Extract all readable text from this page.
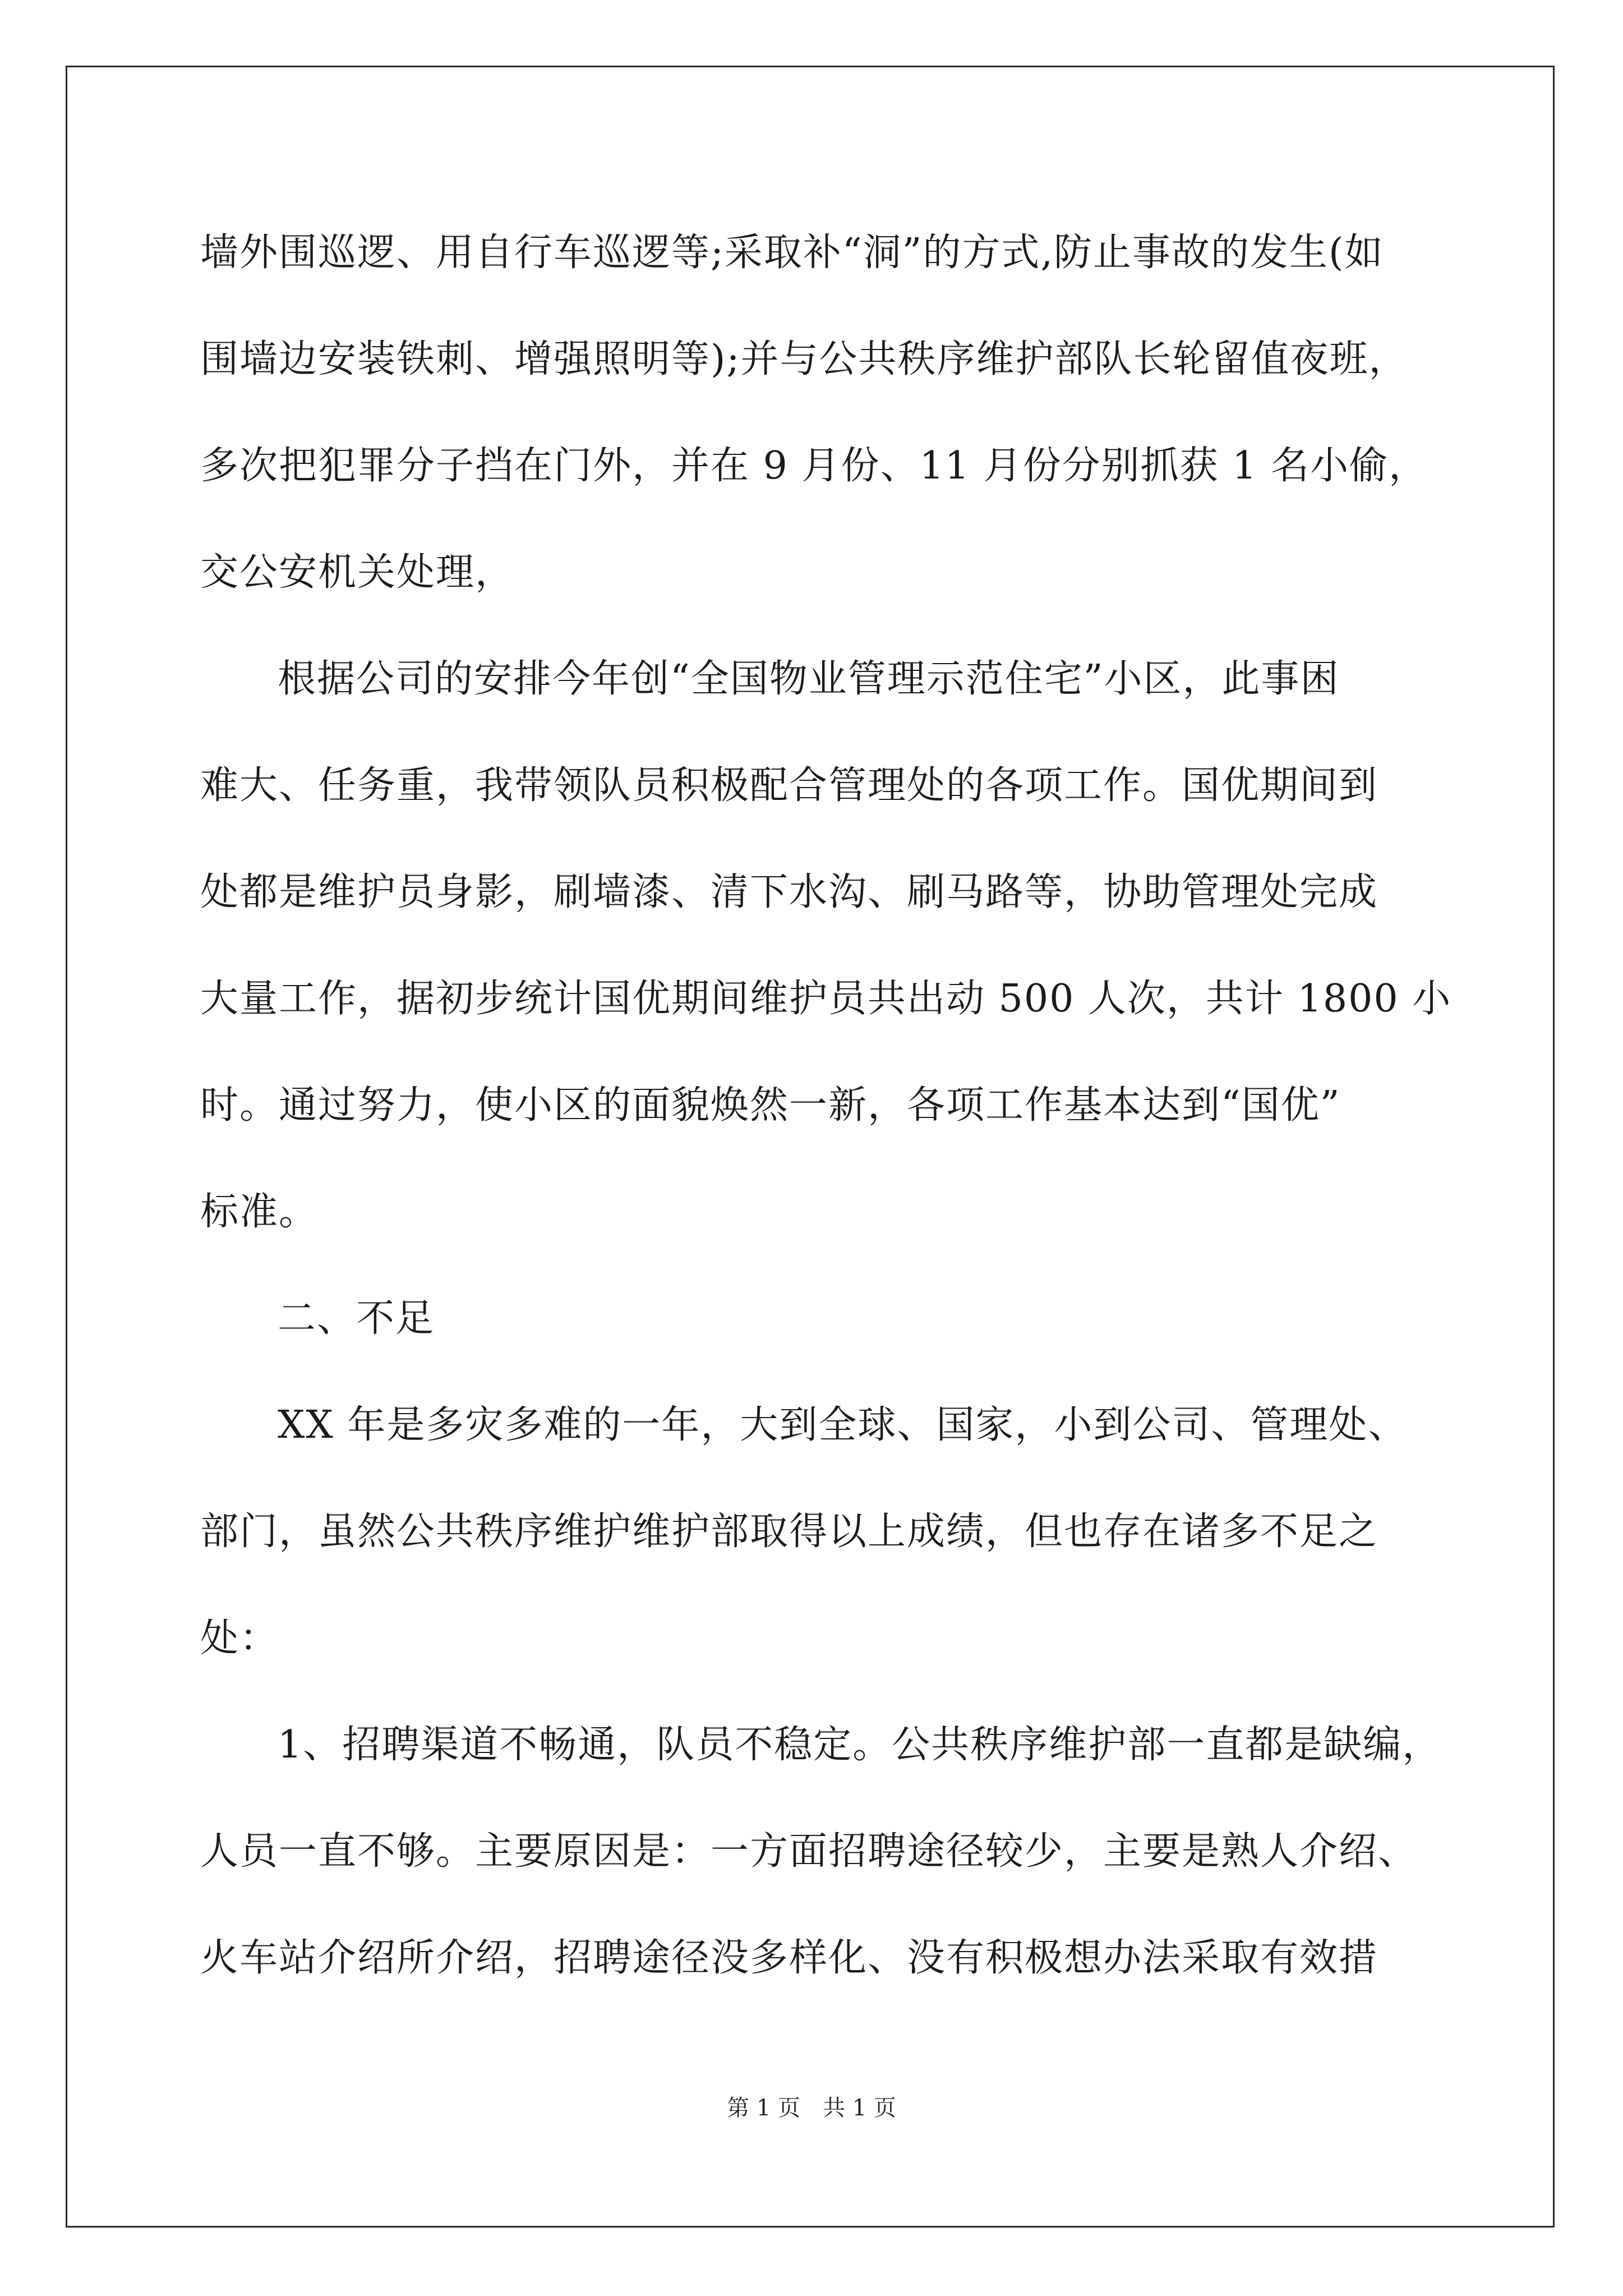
墙外围巡逻、用自行车巡逻等;采取补“洞”的方式,防止事故的发生(如
围墙边安装铁刺、增强照明等);并与公共秩序维护部队长轮留值夜班，
多次把犯罪分子挡在门外，并在 9 月份、11 月份分别抓获 1 名小偷，
交公安机关处理，
根据公司的安排今年创“全国物业管理示范住宅”小区，此事困
难大、任务重，我带领队员积极配合管理处的各项工作。国优期间到
处都是维护员身影，刷墙漆、清下水沟、刷马路等，协助管理处完成
大量工作，据初步统计国优期间维护员共出动 500 人次，共计 1800 小
时。通过努力，使小区的面貌焕然一新，各项工作基本达到“国优”
标准。
二、不足
XX 年是多灾多难的一年，大到全球、国家，小到公司、管理处、
部门，虽然公共秩序维护维护部取得以上成绩，但也存在诸多不足之
处：
1、招聘渠道不畅通，队员不稳定。公共秩序维护部一直都是缺编，
人员一直不够。主要原因是：一方面招聘途径较少，主要是熟人介绍、
火车站介绍所介绍，招聘途径没多样化、没有积极想办法采取有效措
第 1 页　共 1 页
